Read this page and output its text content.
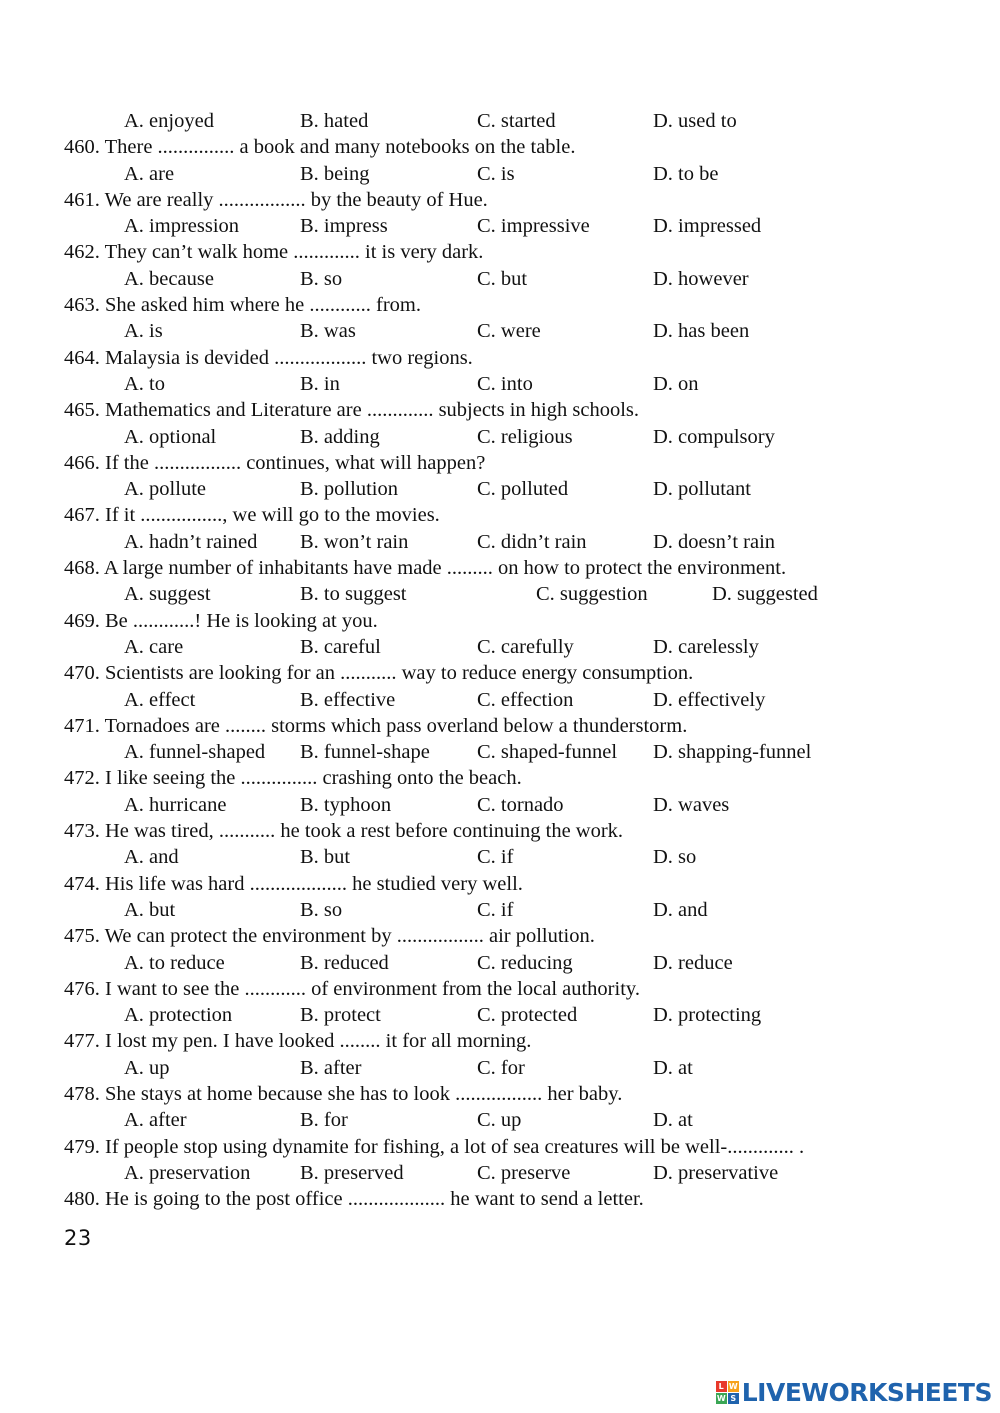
A. enjoyed	B. hated	C. started	D. used to
460. There ............... a book and many notebooks on the table.
A. are	B. being	C. is	D. to be
461. We are really ................. by the beauty of Hue.
A. impression	B. impress	C. impressive	D. impressed
462. They can’t walk home ............. it is very dark.
A. because	B. so	C. but	D. however
463. She asked him where he ............ from.
A. is	B. was	C. were	D. has been
464. Malaysia is devided .................. two regions.
A. to	B. in	C. into	D. on
465. Mathematics and Literature are ............. subjects in high schools.
A. optional	B. adding	C. religious	D. compulsory
466. If the ................. continues, what will happen?
A. pollute	B. pollution	C. polluted	D. pollutant
467. If it ................, we will go to the movies.
A. hadn’t rained B. won’t rain	C. didn’t rain	D. doesn’t rain
468. A large number of inhabitants have made ......... on how to protect the environment.
A. suggest	B. to suggest	C. suggestion	D. suggested
469. Be ............! He is looking at you.
A. care	B. careful	C. carefully	D. carelessly
470. Scientists are looking for an ........... way to reduce energy consumption.
A. effect	B. effective	C. effection	D. effectively
471. Tornadoes are ........ storms which pass overland below a thunderstorm.
A. funnel-shaped B. funnel-shape C. shaped-funnel D. shapping-funnel
472. I like seeing the ............... crashing onto the beach.
A. hurricane	B. typhoon	C. tornado	D. waves
473. He was tired, ........... he took a rest before continuing the work.
A. and	B. but	C. if	D. so
474. His life was hard ................... he studied very well.
A. but	B. so	C. if	D. and
475. We can protect the environment by ................. air pollution.
A. to reduce	B. reduced	C. reducing	D. reduce
476. I want to see the ............ of environment from the local authority.
A. protection	B. protect	C. protected	D. protecting
477. I lost my pen. I have looked ........ it for all morning.
A. up	B. after	C. for	D. at
478. She stays at home because she has to look ................. her baby.
A. after	B. for	C. up	D. at
479. If people stop using dynamite for fishing, a lot of sea creatures will be well-............. .
A. preservation B. preserved	C. preserve	D. preservative
480. He is going to the post office ................... he want to send a letter.
23
L W
W S LIVEWORKSHEETS
